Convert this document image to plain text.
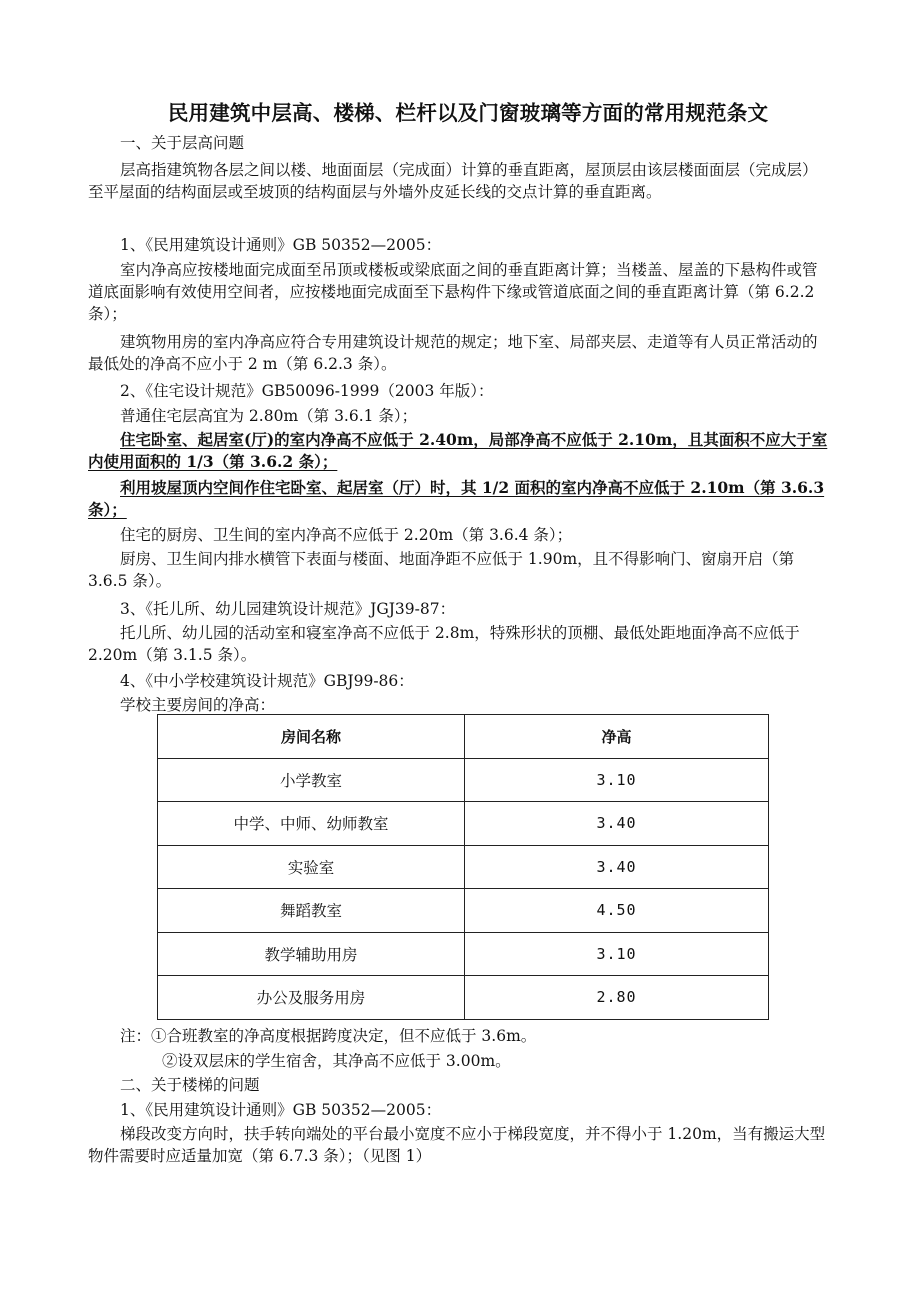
民用建筑中层高、楼梯、栏杆以及门窗玻璃等方面的常用规范条文
一、关于层高问题
层高指建筑物各层之间以楼、地面面层（完成面）计算的垂直距离，屋顶层由该层楼面面层（完成层）至平屋面的结构面层或至坡顶的结构面层与外墙外皮延长线的交点计算的垂直距离。
1、《民用建筑设计通则》GB 50352—2005：
室内净高应按楼地面完成面至吊顶或楼板或梁底面之间的垂直距离计算；当楼盖、屋盖的下悬构件或管道底面影响有效使用空间者，应按楼地面完成面至下悬构件下缘或管道底面之间的垂直距离计算（第 6.2.2 条）；
建筑物用房的室内净高应符合专用建筑设计规范的规定；地下室、局部夹层、走道等有人员正常活动的最低处的净高不应小于 2 m（第 6.2.3 条）。
2、《住宅设计规范》GB50096-1999（2003 年版）：
普通住宅层高宜为 2.80m（第 3.6.1 条）；
住宅卧室、起居室(厅)的室内净高不应低于 2.40m，局部净高不应低于 2.10m，且其面积不应大于室内使用面积的 1/3（第 3.6.2 条）；
利用坡屋顶内空间作住宅卧室、起居室（厅）时，其 1/2 面积的室内净高不应低于 2.10m（第 3.6.3 条）；
住宅的厨房、卫生间的室内净高不应低于 2.20m（第 3.6.4 条）；
厨房、卫生间内排水横管下表面与楼面、地面净距不应低于 1.90m，且不得影响门、窗扇开启（第 3.6.5 条）。
3、《托儿所、幼儿园建筑设计规范》JGJ39-87：
托儿所、幼儿园的活动室和寝室净高不应低于 2.8m，特殊形状的顶棚、最低处距地面净高不应低于 2.20m（第 3.1.5 条）。
4、《中小学校建筑设计规范》GBJ99-86：
学校主要房间的净高：
房间名称	净高
小学教室	3.10
中学、中师、幼师教室	3.40
实验室	3.40
舞蹈教室	4.50
教学辅助用房	3.10
办公及服务用房	2.80
注：①合班教室的净高度根据跨度决定，但不应低于 3.6m。
②设双层床的学生宿舍，其净高不应低于 3.00m。
二、关于楼梯的问题
1、《民用建筑设计通则》GB 50352—2005：
梯段改变方向时，扶手转向端处的平台最小宽度不应小于梯段宽度，并不得小于 1.20m，当有搬运大型物件需要时应适量加宽（第 6.7.3 条）；（见图 1）
